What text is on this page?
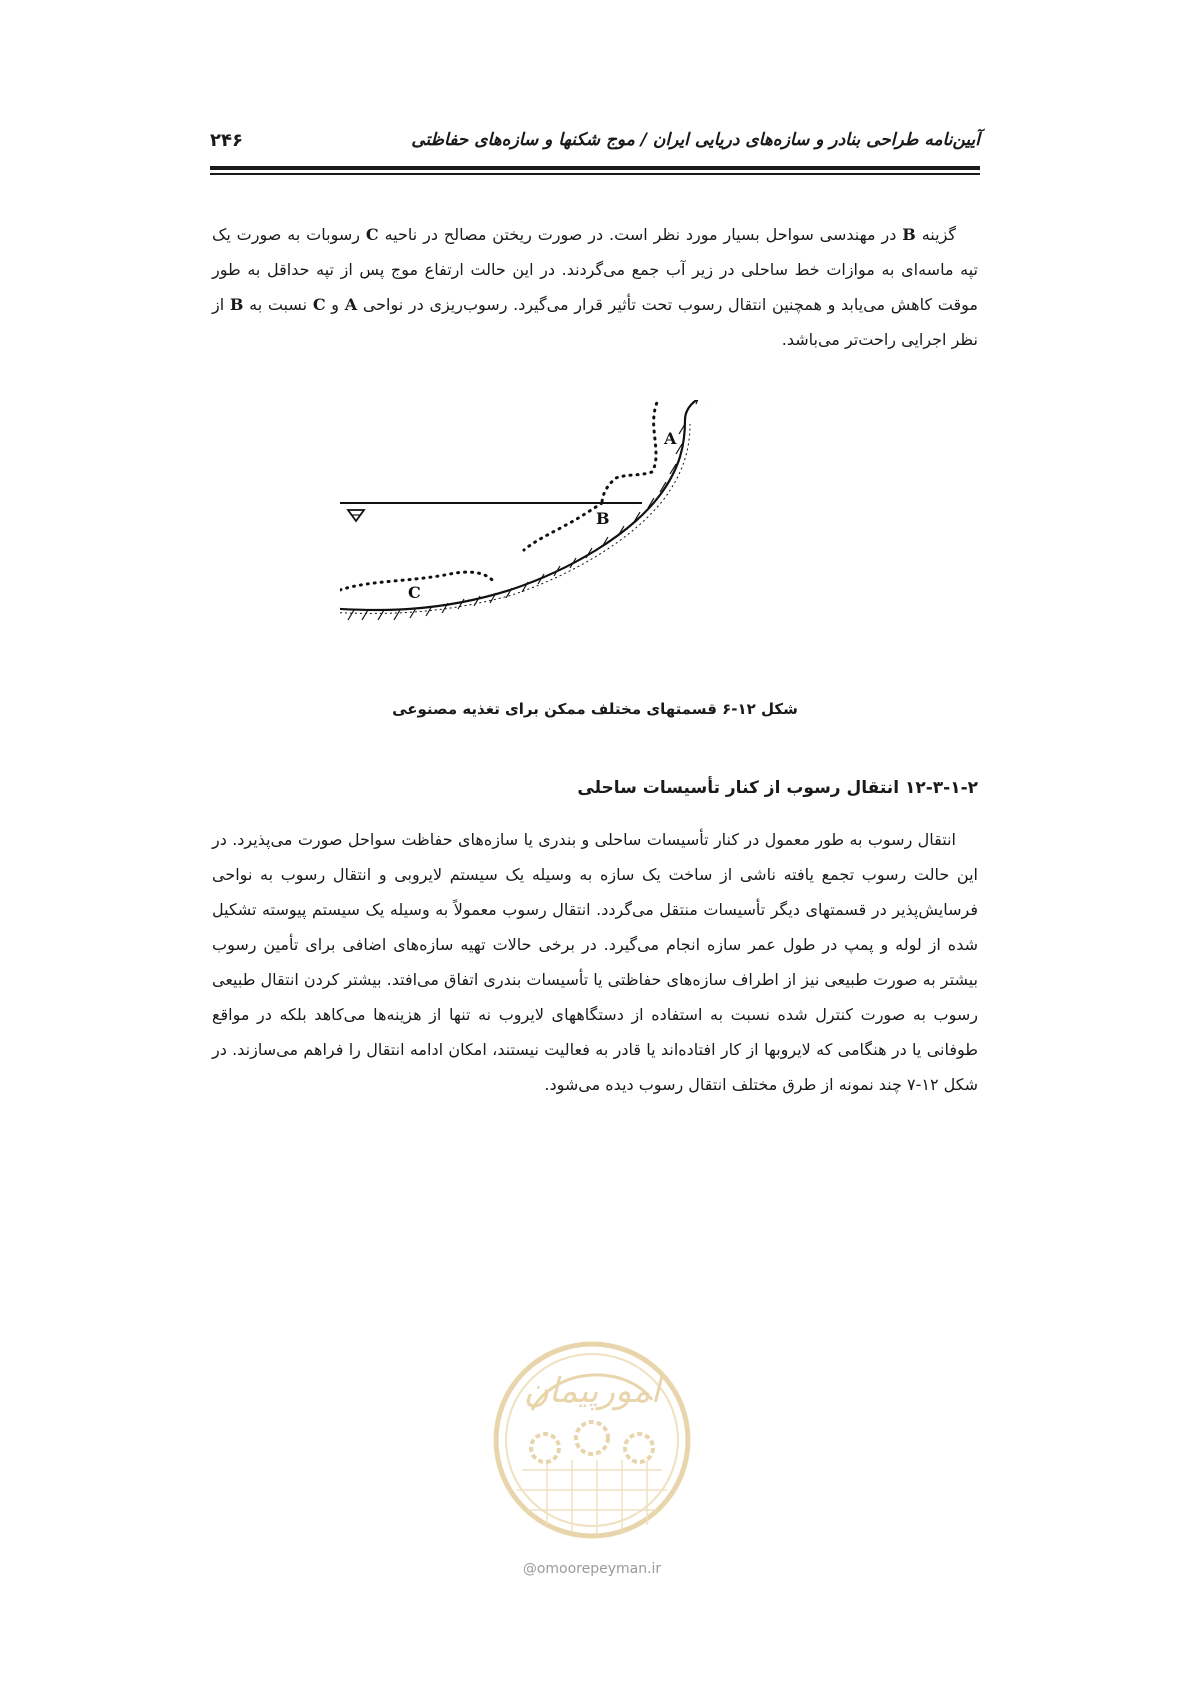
آیین‌نامه طراحی بنادر و سازه‌های دریایی ایران / موج شکنها و سازه‌های حفاظتی
۲۴۶
گزینه B در مهندسی سواحل بسیار مورد نظر است. در صورت ریختن مصالح در ناحیه C رسوبات به صورت یک تپه ماسه‌ای به موازات خط ساحلی در زیر آب جمع می‌گردند. در این حالت ارتفاع موج پس از تپه حداقل به طور موقت کاهش می‌یابد و همچنین انتقال رسوب تحت تأثیر قرار می‌گیرد. رسوب‌ریزی در نواحی A و C نسبت به B از نظر اجرایی راحت‌تر می‌باشد.
A
B
C
شکل ۱۲-۶ قسمتهای مختلف ممکن برای تغذیه مصنوعی
۱۲-۳-۱-۲ انتقال رسوب از کنار تأسیسات ساحلی
انتقال رسوب به طور معمول در کنار تأسیسات ساحلی و بندری یا سازه‌های حفاظت سواحل صورت می‌پذیرد. در این حالت رسوب تجمع یافته ناشی از ساخت یک سازه به وسیله یک سیستم لایروبی و انتقال رسوب به نواحی فرسایش‌پذیر در قسمتهای دیگر تأسیسات منتقل می‌گردد. انتقال رسوب معمولاً به وسیله یک سیستم پیوسته تشکیل شده از لوله و پمپ در طول عمر سازه انجام می‌گیرد. در برخی حالات تهیه سازه‌های اضافی برای تأمین رسوب بیشتر به صورت طبیعی نیز از اطراف سازه‌های حفاظتی یا تأسیسات بندری اتفاق می‌افتد. بیشتر کردن انتقال طبیعی رسوب به صورت کنترل شده نسبت به استفاده از دستگاههای لایروب نه تنها از هزینه‌ها می‌کاهد بلکه در مواقع طوفانی یا در هنگامی که لایروبها از کار افتاده‌اند یا قادر به فعالیت نیستند، امکان ادامه انتقال را فراهم می‌سازند. در شکل ۱۲-۷ چند نمونه از طرق مختلف انتقال رسوب دیده می‌شود.
امورپیمان
@omoorepeyman.ir
